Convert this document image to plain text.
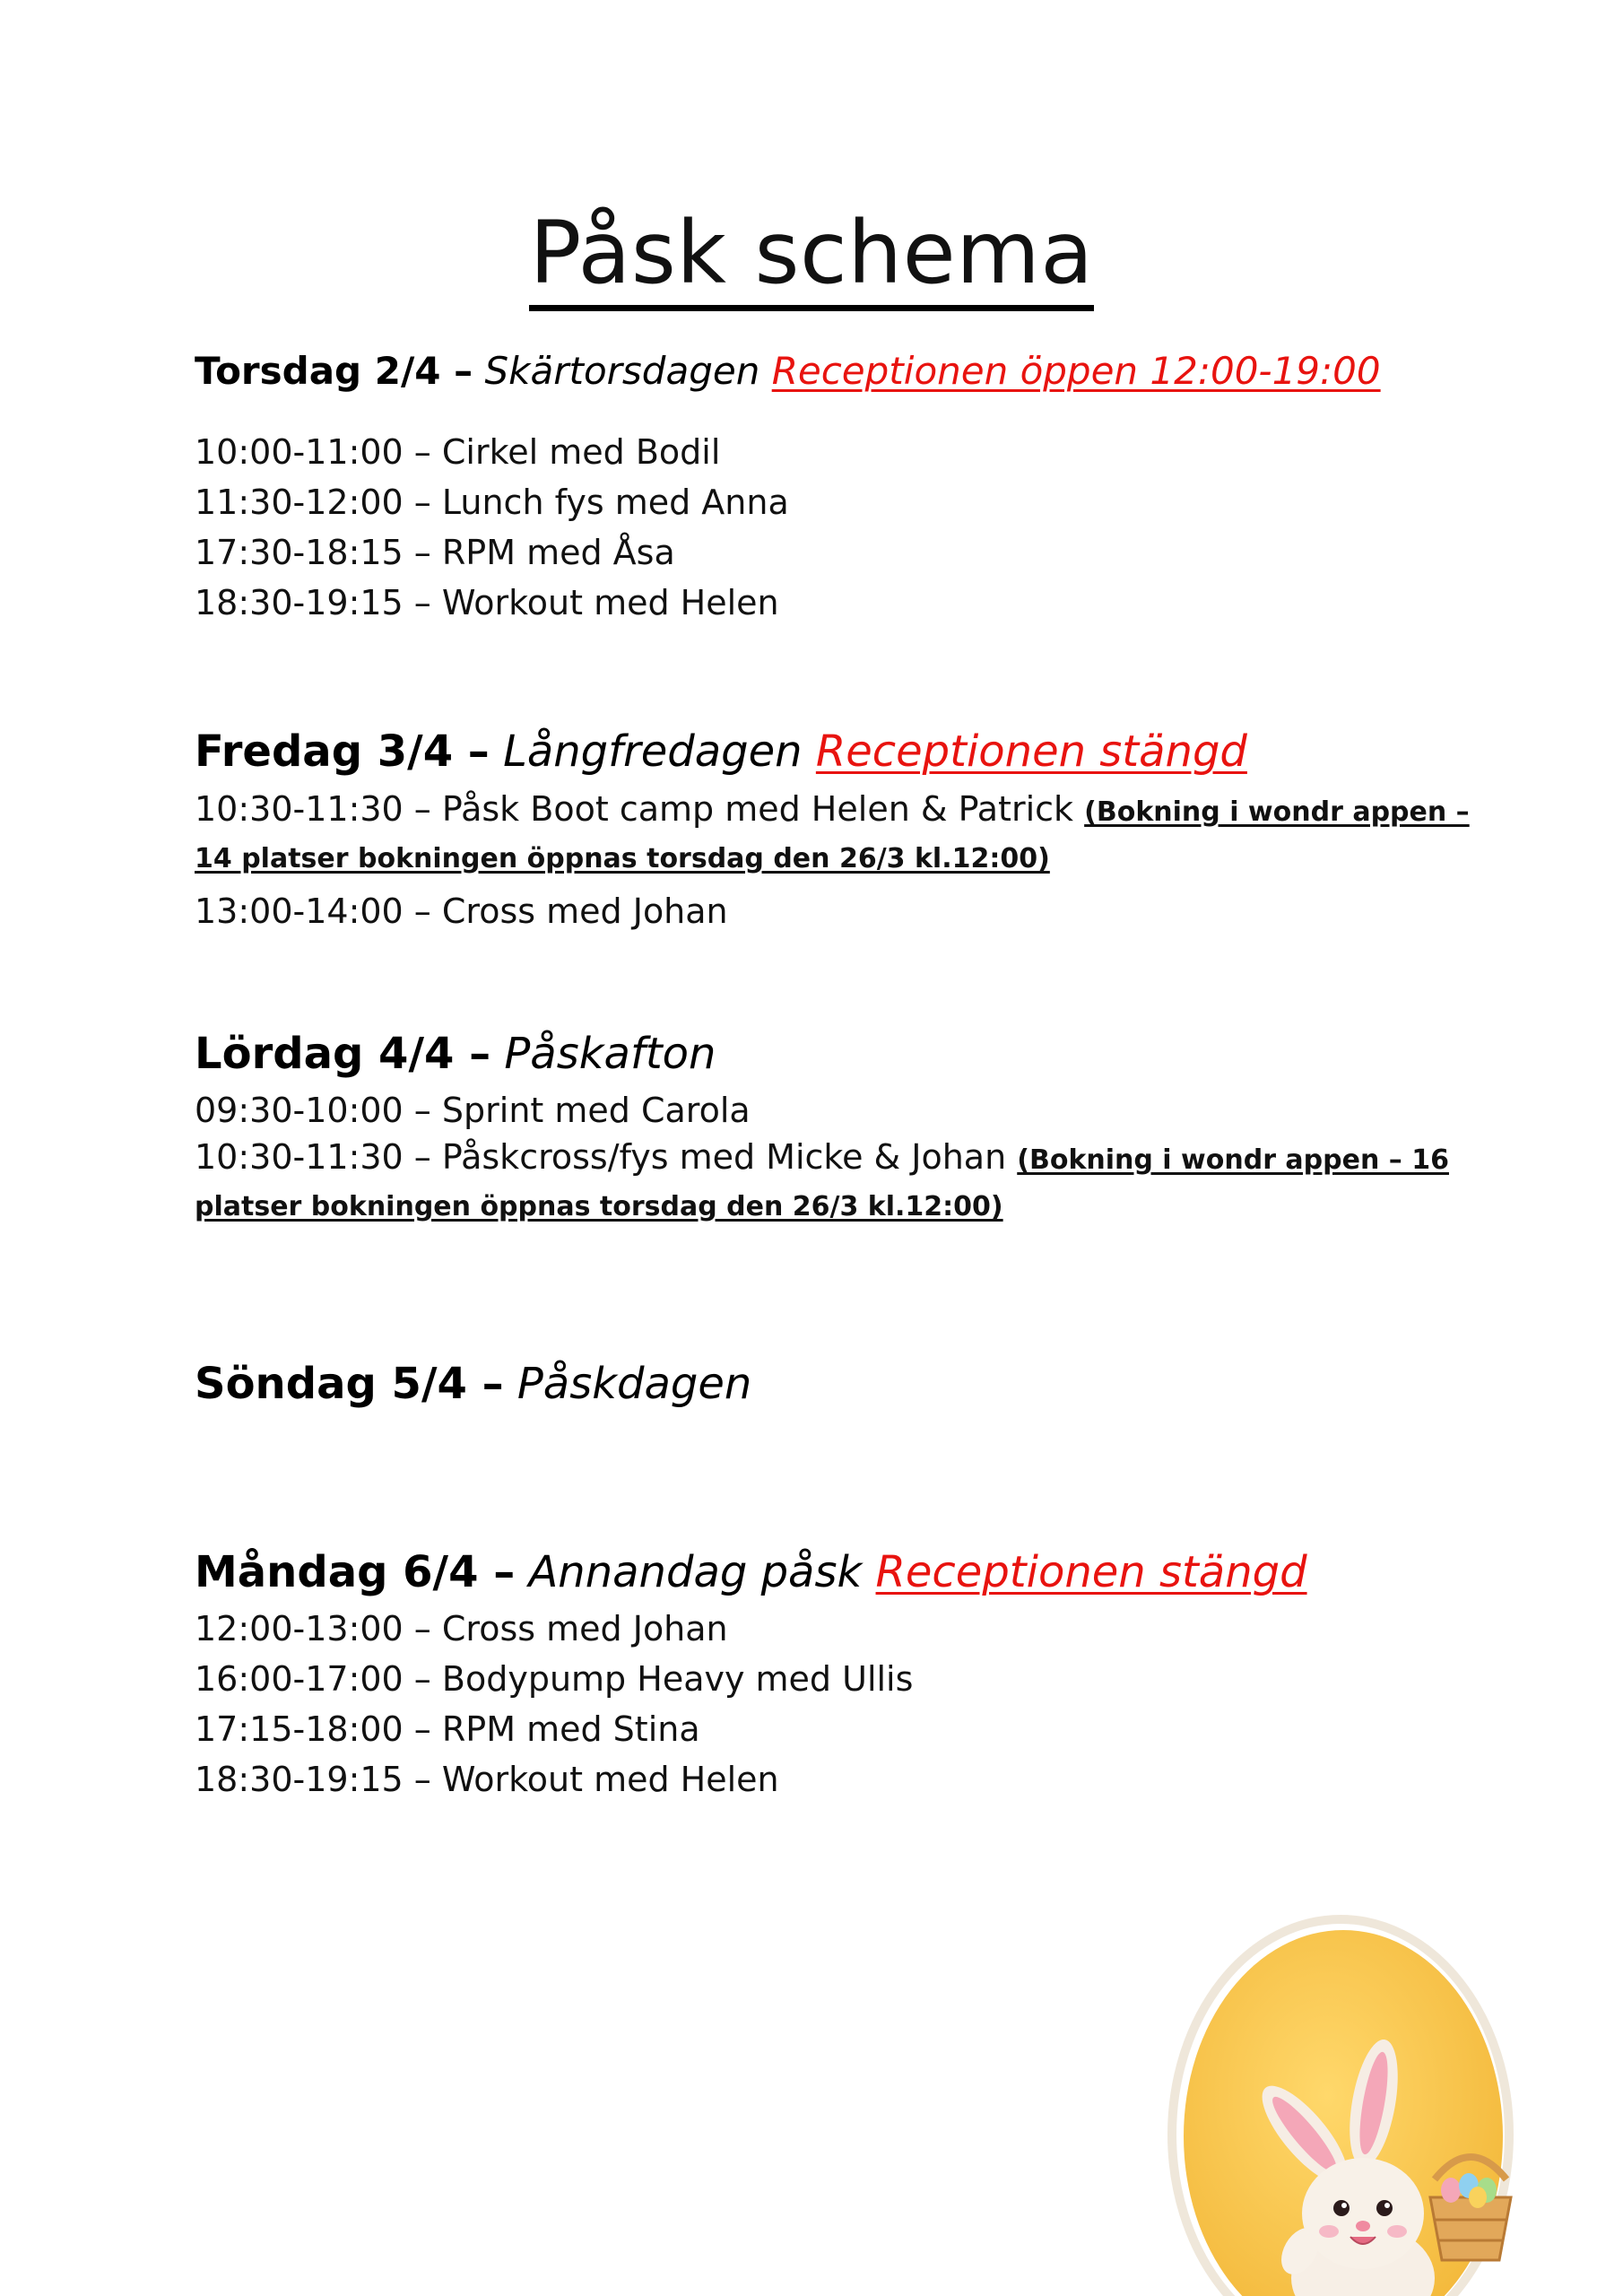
Påsk schema
Torsdag 2/4 – Skärtorsdagen Receptionen öppen 12:00-19:00
10:00-11:00 – Cirkel med Bodil
11:30-12:00 – Lunch fys med Anna
17:30-18:15 – RPM med Åsa
18:30-19:15 – Workout med Helen
Fredag 3/4 – Långfredagen Receptionen stängd
10:30-11:30 – Påsk Boot camp med Helen & Patrick (Bokning i wondr appen – 14 platser bokningen öppnas torsdag den 26/3 kl.12:00)
13:00-14:00 – Cross med Johan
Lördag 4/4 – Påskafton
09:30-10:00 – Sprint med Carola
10:30-11:30 – Påskcross/fys med Micke & Johan (Bokning i wondr appen – 16 platser bokningen öppnas torsdag den 26/3 kl.12:00)
Söndag 5/4 – Påskdagen
Måndag 6/4 – Annandag påsk Receptionen stängd
12:00-13:00 – Cross med Johan
16:00-17:00 – Bodypump Heavy med Ullis
17:15-18:00 – RPM med Stina
18:30-19:15 – Workout med Helen
